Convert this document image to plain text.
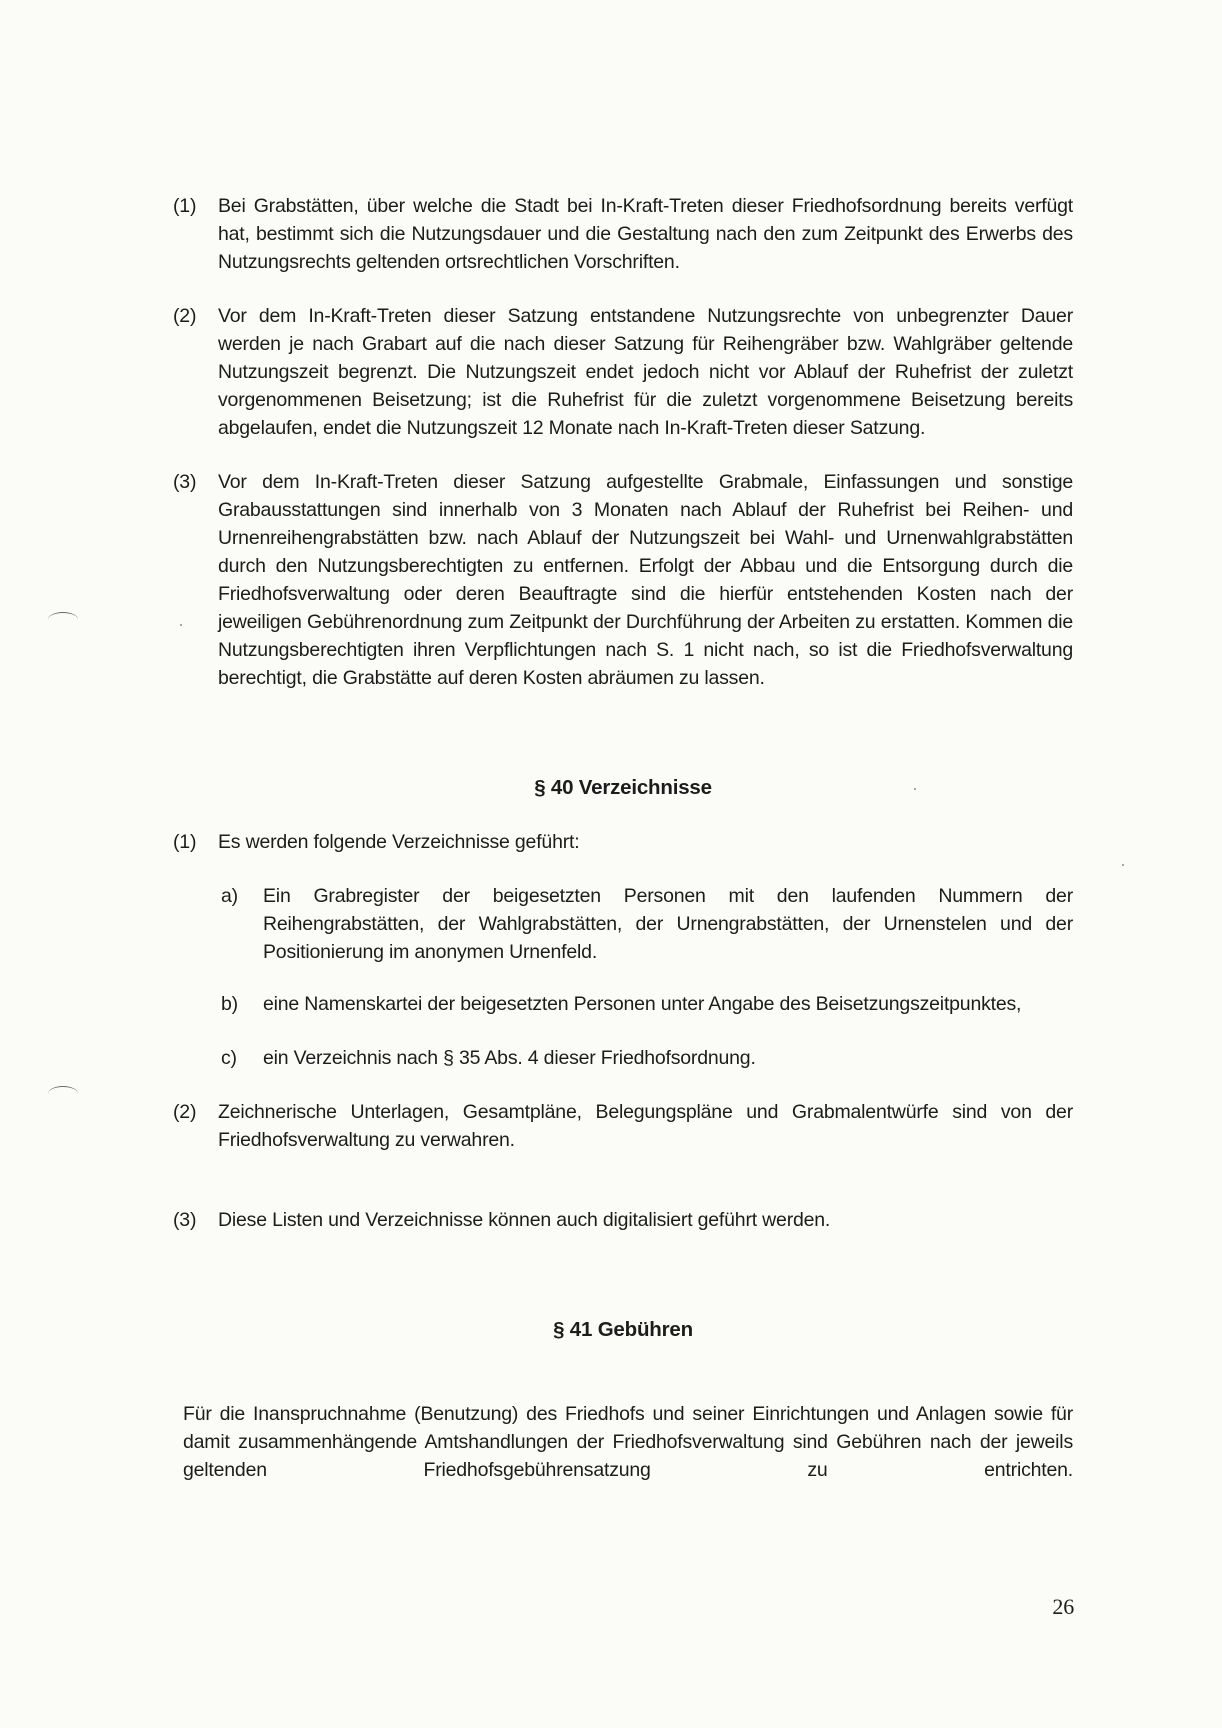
(1)	Bei Grabstätten, über welche die Stadt bei In-Kraft-Treten dieser Friedhofsordnung bereits verfügt hat, bestimmt sich die Nutzungsdauer und die Gestaltung nach den zum Zeitpunkt des Erwerbs des Nutzungsrechts geltenden ortsrechtlichen Vorschriften.
(2)	Vor dem In-Kraft-Treten dieser Satzung entstandene Nutzungsrechte von unbegrenzter Dauer werden je nach Grabart auf die nach dieser Satzung für Reihengräber bzw. Wahlgräber geltende Nutzungszeit begrenzt. Die Nutzungszeit endet jedoch nicht vor Ablauf der Ruhefrist der zuletzt vorgenommenen Beisetzung; ist die Ruhefrist für die zuletzt vorgenommene Beisetzung bereits abgelaufen, endet die Nutzungszeit 12 Monate nach In-Kraft-Treten dieser Satzung.
(3)	Vor dem In-Kraft-Treten dieser Satzung aufgestellte Grabmale, Einfassungen und sonstige Grabausstattungen sind innerhalb von 3 Monaten nach Ablauf der Ruhefrist bei Reihen- und Urnenreihengrabstätten bzw. nach Ablauf der Nutzungszeit bei Wahl- und Urnenwahlgrabstätten durch den Nutzungsberechtigten zu entfernen. Erfolgt der Abbau und die Entsorgung durch die Friedhofsverwaltung oder deren Beauftragte sind die hierfür entstehenden Kosten nach der jeweiligen Gebührenordnung zum Zeitpunkt der Durchführung der Arbeiten zu erstatten. Kommen die Nutzungsberechtigten ihren Verpflichtungen nach S. 1 nicht nach, so ist die Friedhofsverwaltung berechtigt, die Grabstätte auf deren Kosten abräumen zu lassen.
§ 40 Verzeichnisse
(1)	Es werden folgende Verzeichnisse geführt:
a)	Ein Grabregister der beigesetzten Personen mit den laufenden Nummern der Reihengrabstätten, der Wahlgrabstätten, der Urnengrabstätten, der Urnenstelen und der Positionierung im anonymen Urnenfeld.
b)	eine Namenskartei der beigesetzten Personen unter Angabe des Beisetzungszeitpunktes,
c)	ein Verzeichnis nach § 35 Abs. 4 dieser Friedhofsordnung.
(2)	Zeichnerische Unterlagen, Gesamtpläne, Belegungspläne und Grabmalentwürfe sind von der Friedhofsverwaltung zu verwahren.
(3)	Diese Listen und Verzeichnisse können auch digitalisiert geführt werden.
§ 41 Gebühren
Für die Inanspruchnahme (Benutzung) des Friedhofs und seiner Einrichtungen und Anlagen sowie für damit zusammenhängende Amtshandlungen der Friedhofsverwaltung sind Gebühren nach der jeweils geltenden Friedhofsgebührensatzung zu entrichten.
26
